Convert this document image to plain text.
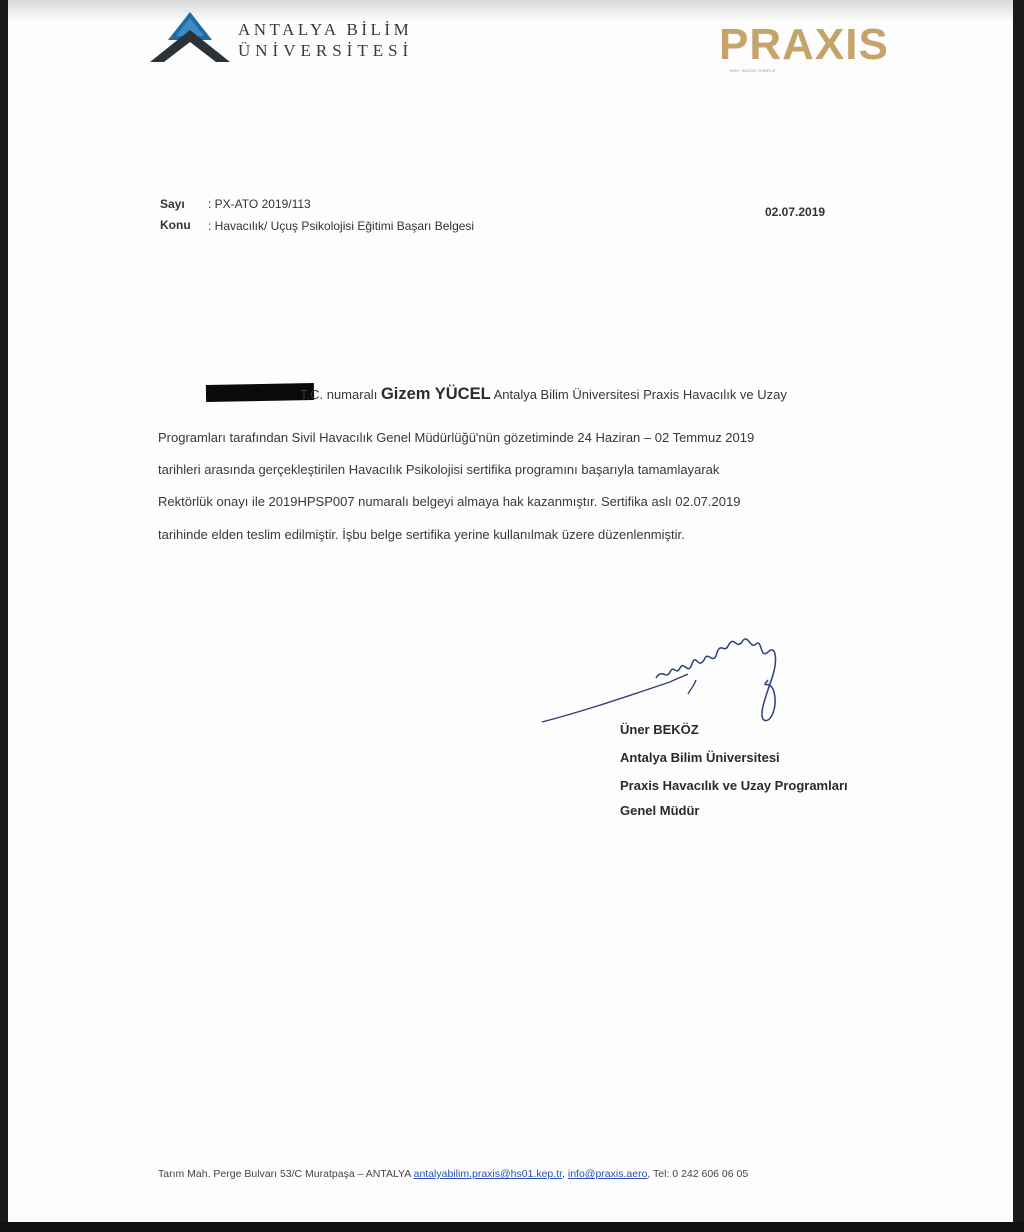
ANTALYA BİLİM
ÜNİVERSİTESİ	PRAXIS
WAY WOOD SIMPLE
Sayı : PX-ATO 2019/113
Konu : Havacılık/ Uçuş Psikolojisi Eğitimi Başarı Belgesi
02.07.2019
T.C. numaralı Gizem YÜCEL Antalya Bilim Üniversitesi Praxis Havacılık ve Uzay
Programları tarafından Sivil Havacılık Genel Müdürlüğü'nün gözetiminde 24 Haziran – 02 Temmuz 2019
tarihleri arasında gerçekleştirilen Havacılık Psikolojisi sertifika programını başarıyla tamamlayarak
Rektörlük onayı ile 2019HPSP007 numaralı belgeyi almaya hak kazanmıştır. Sertifika aslı 02.07.2019
tarihinde elden teslim edilmiştir. İşbu belge sertifika yerine kullanılmak üzere düzenlenmiştir.
Üner BEKÖZ
Antalya Bilim Üniversitesi
Praxis Havacılık ve Uzay Programları
Genel Müdür
Tarım Mah. Perge Bulvarı 53/C Muratpaşa – ANTALYA antalyabilim.praxis@hs01.kep.tr, info@praxis.aero, Tel: 0 242 606 06 05
